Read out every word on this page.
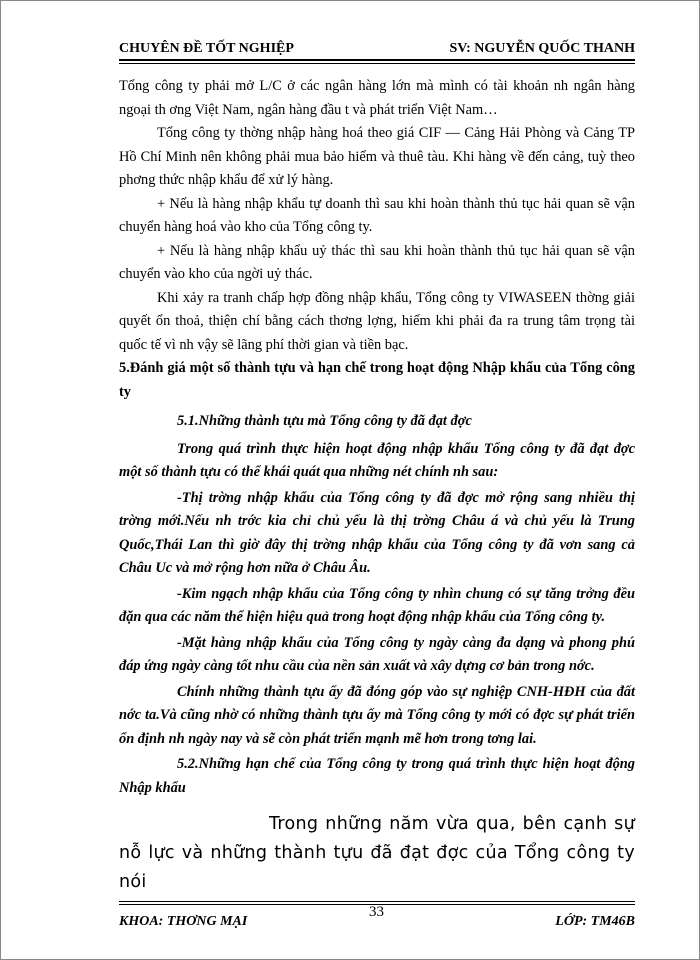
CHUYÊN ĐỀ TỐT NGHIỆP	SV: NGUYỄN QUỐC THANH

Tổng công ty phải mở L/C ở các ngân hàng lớn mà mình có tài khoản nh ngân hàng ngoại th ơng Việt Nam, ngân hàng đầu t và phát triển Việt Nam…

Tổng công ty thờng nhập hàng hoá theo giá CIF — Cảng Hải Phòng và Cảng TP Hồ Chí Minh nên không phải mua bảo hiểm và thuê tàu. Khi hàng về đến cảng, tuỳ theo phơng thức nhập khẩu để xử lý hàng.

+ Nếu là hàng nhập khẩu tự doanh thì sau khi hoàn thành thủ tục hải quan sẽ vận chuyển hàng hoá vào kho của Tổng công ty.

+ Nếu là hàng nhập khẩu uỷ thác thì sau khi hoàn thành thủ tục hải quan sẽ vận chuyển vào kho của ngời uỷ thác.

Khi xảy ra tranh chấp hợp đồng nhập khẩu, Tổng công ty VIWASEEN thờng giải quyết ổn thoả, thiện chí bằng cách thơng lợng, hiếm khi phải đa ra trung tâm trọng tài quốc tế vì nh vậy sẽ lãng phí thời gian và tiền bạc.

5.Đánh giá một số thành tựu và hạn chế trong hoạt động Nhập khẩu của Tổng công ty

5.1.Những thành tựu mà Tổng công ty đã đạt đợc

Trong quá trình thực hiện hoạt động nhập khẩu Tổng công ty đã đạt đợc một số thành tựu có thể khái quát qua những nét chính nh sau:

-Thị trờng nhập khẩu của Tổng công ty đã đợc mở rộng sang nhiều thị trờng mới.Nếu nh trớc kia chỉ chủ yếu là thị trờng Châu á và chủ yếu là Trung Quốc,Thái Lan thì giờ đây thị trờng nhập khẩu của Tổng công ty đã vơn sang cả Châu Uc và mở rộng hơn nữa ở Châu Âu.

-Kim ngạch nhập khẩu của Tổng công ty nhìn chung có sự tăng trởng đều đặn qua các năm thể hiện hiệu quả trong hoạt động nhập khẩu của Tổng công ty.

-Mặt hàng nhập khẩu của Tổng công ty ngày càng đa dạng và phong phú đáp ứng ngày càng tốt nhu cầu của nền sản xuất và xây dựng cơ bản trong nớc.

Chính những thành tựu ấy đã đóng góp vào sự nghiệp CNH-HĐH của đất nớc ta.Và cũng nhờ có những thành tựu ấy mà Tổng công ty mới có đợc sự phát triển ổn định nh ngày nay và sẽ còn phát triển mạnh mẽ hơn trong tơng lai.

5.2.Những hạn chế của Tổng công ty trong quá trình thực hiện hoạt động Nhập khẩu

Trong những năm vừa qua, bên cạnh sự nỗ lực và những thành tựu đã đạt đợc của Tổng công ty nói

KHOA: THƠNG MẠI
33
LỚP: TM46B
